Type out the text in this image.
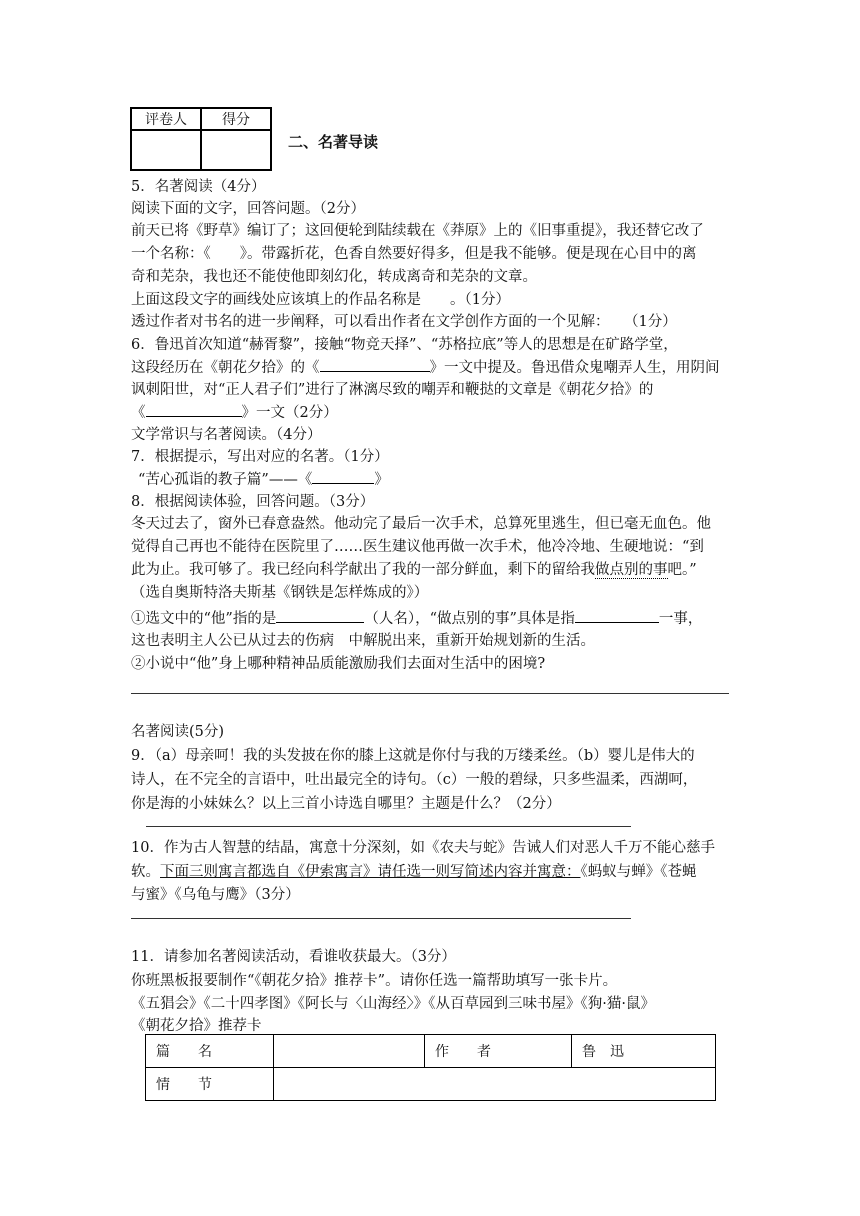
评卷人	得分

二、名著导读
5．名著阅读（4分）
阅读下面的文字，回答问题。（2分）
前天已将《野草》编订了；这回便轮到陆续载在《莽原》上的《旧事重提》，我还替它改了
一个名称：《　　》。带露折花，色香自然要好得多，但是我不能够。便是现在心目中的离
奇和芜杂，我也还不能使他即刻幻化，转成离奇和芜杂的文章。
上面这段文字的画线处应该填上的作品名称是　　。（1分）
透过作者对书名的进一步阐释，可以看出作者在文学创作方面的一个见解：　　（1分）
6．鲁迅首次知道“赫胥黎”，接触“物竞天择”、“苏格拉底”等人的思想是在矿路学堂，
这段经历在《朝花夕拾》的《	》一文中提及。鲁迅借众鬼嘲弄人生，用阴间
讽刺阳世，对“正人君子们”进行了淋漓尽致的嘲弄和鞭挞的文章是《朝花夕拾》的
《	》一文（2分）
文学常识与名著阅读。（4分）
7．根据提示，写出对应的名著。（1分）
“苦心孤诣的教子篇”——《	》
8．根据阅读体验，回答问题。（3分）
冬天过去了，窗外已春意盎然。他动完了最后一次手术，总算死里逃生，但已毫无血色。他
觉得自己再也不能待在医院里了……医生建议他再做一次手术，他冷冷地、生硬地说：“到
此为止。我可够了。我已经向科学献出了我的一部分鲜血，剩下的留给我做点别的事吧。”
（选自奥斯特洛夫斯基《钢铁是怎样炼成的》）
①选文中的“他”指的是	（人名），“做点别的事”具体是指	一事，
这也表明主人公已从过去的伤病　中解脱出来，重新开始规划新的生活。
②小说中“他”身上哪种精神品质能激励我们去面对生活中的困境?
名著阅读(5分)
9．（a）母亲呵！我的头发披在你的膝上这就是你付与我的万缕柔丝。（b）婴儿是伟大的
诗人，在不完全的言语中，吐出最完全的诗句。（c）一般的碧绿，只多些温柔，西湖呵，
你是海的小妹妹么？以上三首小诗选自哪里？主题是什么？（2分）
10．作为古人智慧的结晶，寓意十分深刻，如《农夫与蛇》告诫人们对恶人千万不能心慈手
软。下面三则寓言都选自《伊索寓言》请任选一则写简述内容并寓意：《蚂蚁与蝉》《苍蝇
与蜜》《乌龟与鹰》（3分）
11．请参加名著阅读活动，看谁收获最大。（3分）
你班黑板报要制作“《朝花夕拾》推荐卡”。请你任选一篇帮助填写一张卡片。
《五猖会》《二十四孝图》《阿长与〈山海经〉》《从百草园到三味书屋》《狗·猫·鼠》
《朝花夕拾》推荐卡
篇　　名		作　　者	鲁　迅
情　　节			
